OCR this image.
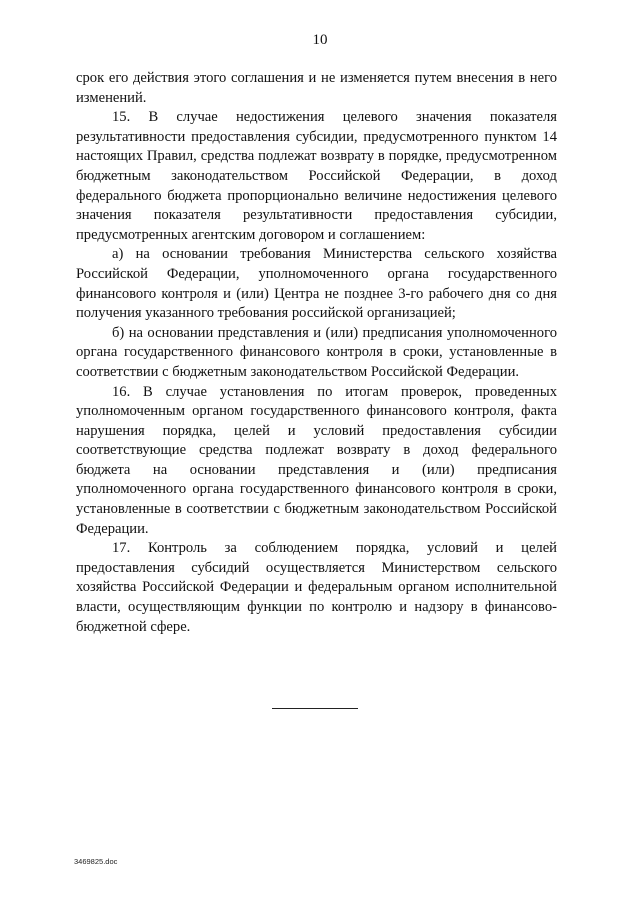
10

срок его действия этого соглашения и не изменяется путем внесения в него изменений.

15. В случае недостижения целевого значения показателя результативности предоставления субсидии, предусмотренного пунктом 14 настоящих Правил, средства подлежат возврату в порядке, предусмотренном бюджетным законодательством Российской Федерации, в доход федерального бюджета пропорционально величине недостижения целевого значения показателя результативности предоставления субсидии, предусмотренных агентским договором и соглашением:

а) на основании требования Министерства сельского хозяйства Российской Федерации, уполномоченного органа государственного финансового контроля и (или) Центра не позднее 3-го рабочего дня со дня получения указанного требования российской организацией;

б) на основании представления и (или) предписания уполномоченного органа государственного финансового контроля в сроки, установленные в соответствии с бюджетным законодательством Российской Федерации.

16. В случае установления по итогам проверок, проведенных уполномоченным органом государственного финансового контроля, факта нарушения порядка, целей и условий предоставления субсидии соответствующие средства подлежат возврату в доход федерального бюджета на основании представления и (или) предписания уполномоченного органа государственного финансового контроля в сроки, установленные в соответствии с бюджетным законодательством Российской Федерации.

17. Контроль за соблюдением порядка, условий и целей предоставления субсидий осуществляется Министерством сельского хозяйства Российской Федерации и федеральным органом исполнительной власти, осуществляющим функции по контролю и надзору в финансово-бюджетной сфере.

3469825.doc
